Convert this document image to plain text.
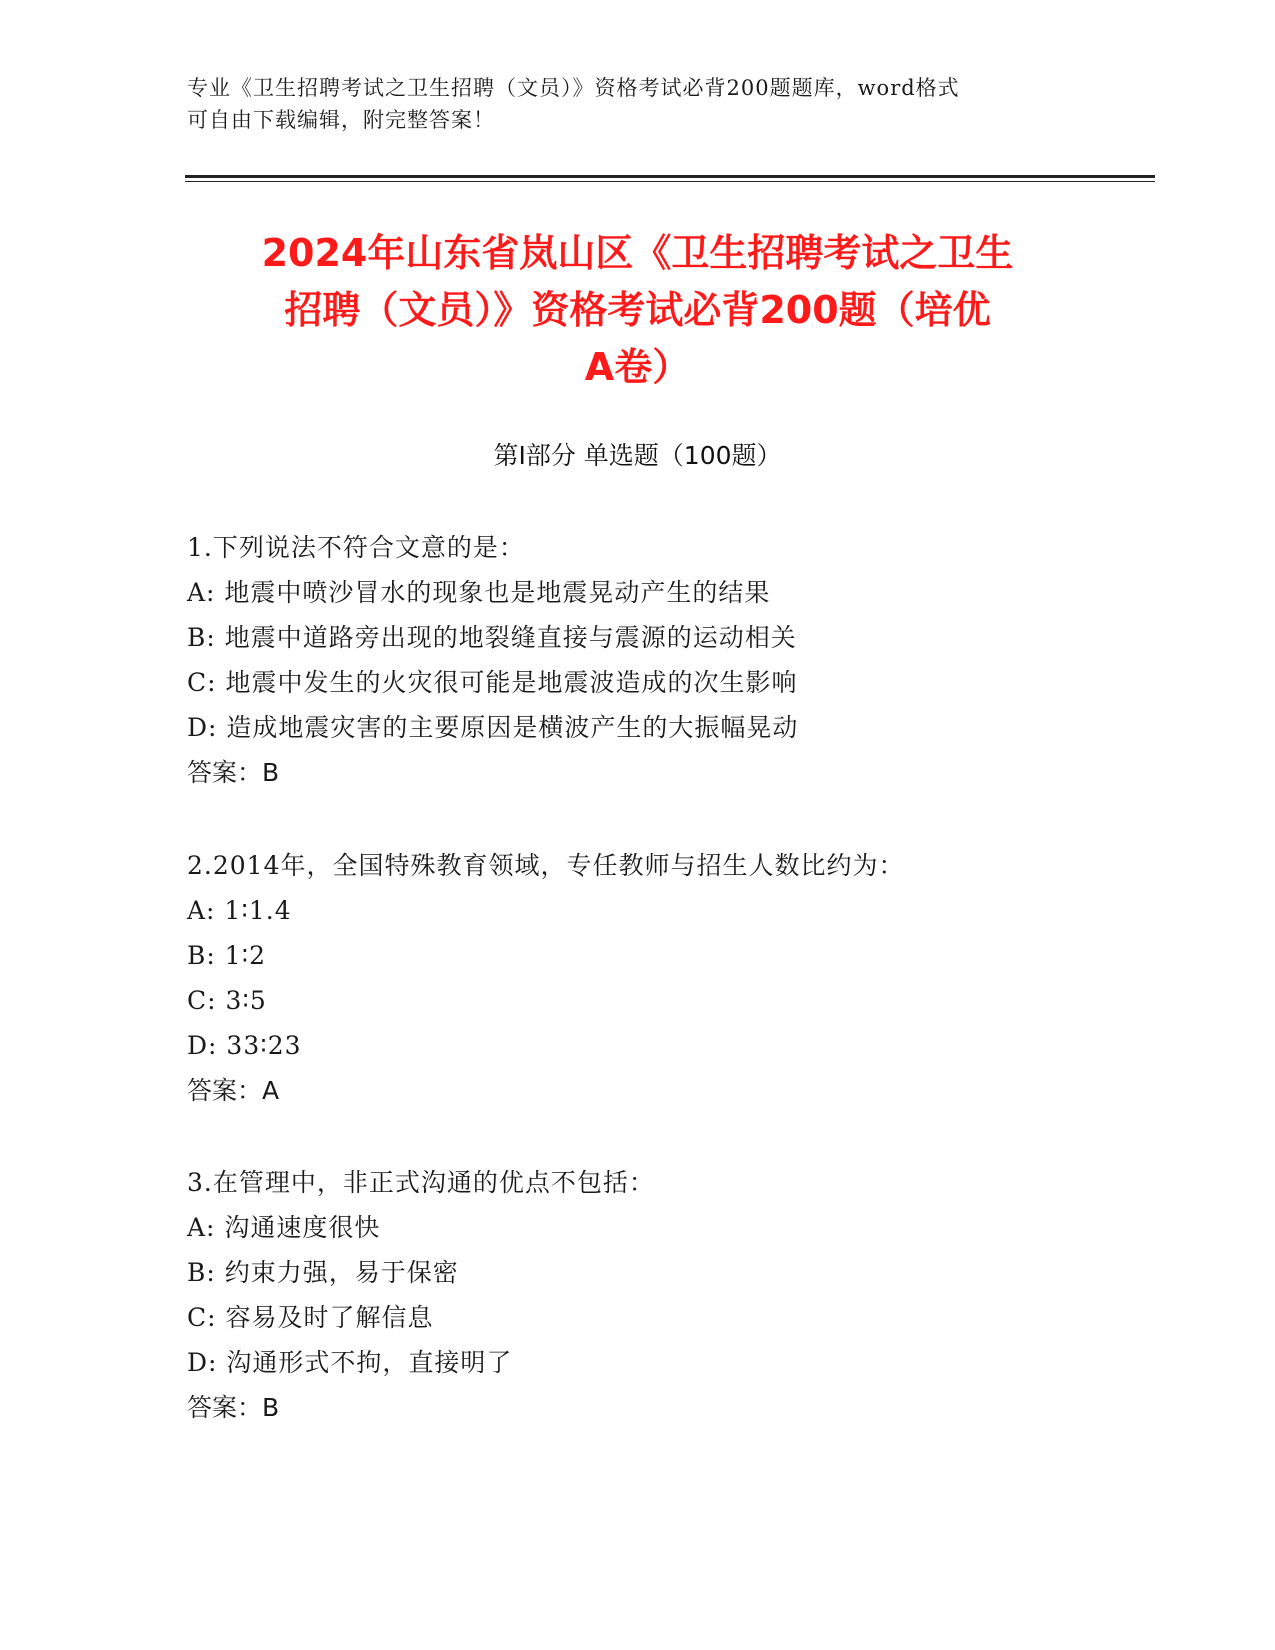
专业《卫生招聘考试之卫生招聘（文员）》资格考试必背200题题库，word格式
可自由下载编辑，附完整答案！
2024年山东省岚山区《卫生招聘考试之卫生
招聘（文员）》资格考试必背200题（培优
A卷）
第I部分 单选题（100题）
1.下列说法不符合文意的是：
A: 地震中喷沙冒水的现象也是地震晃动产生的结果
B: 地震中道路旁出现的地裂缝直接与震源的运动相关
C: 地震中发生的火灾很可能是地震波造成的次生影响
D: 造成地震灾害的主要原因是横波产生的大振幅晃动
答案：B
2.2014年，全国特殊教育领域，专任教师与招生人数比约为：
A: 1∶1.4
B: 1∶2
C: 3∶5
D: 33∶23
答案：A
3.在管理中，非正式沟通的优点不包括：
A: 沟通速度很快
B: 约束力强，易于保密
C: 容易及时了解信息
D: 沟通形式不拘，直接明了
答案：B
